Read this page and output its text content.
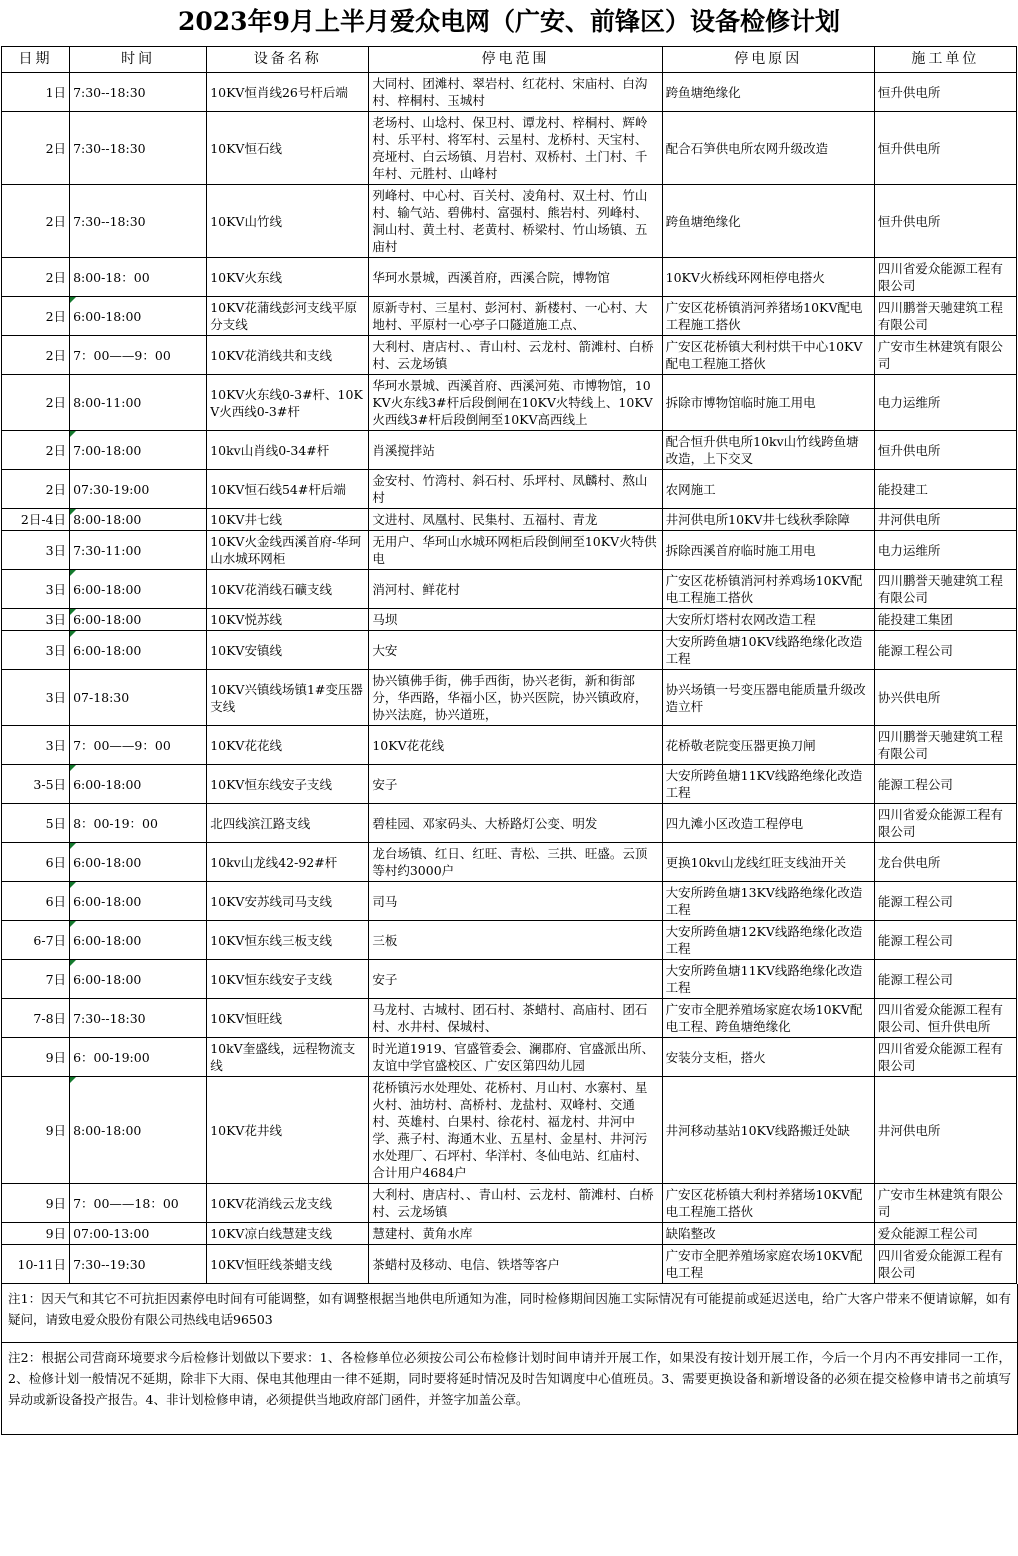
2023年9月上半月爱众电网（广安、前锋区）设备检修计划
日期	时间	设备名称	停电范围	停电原因	施工单位
1日	7:30--18:30	10KV恒肖线26号杆后端	大同村、团滩村、翠岩村、红花村、宋庙村、白沟村、梓桐村、玉城村	跨鱼塘绝缘化	恒升供电所
2日	7:30--18:30	10KV恒石线	老场村、山埝村、保卫村、谭龙村、梓桐村、辉岭村、乐平村、将军村、云星村、龙桥村、天宝村、亮垭村、白云场镇、月岩村、双桥村、土门村、千年村、元胜村、山峰村	配合石笋供电所农网升级改造	恒升供电所
2日	7:30--18:30	10KV山竹线	列峰村、中心村、百关村、凌角村、双土村、竹山村、输气站、碧佛村、富强村、熊岩村、列峰村、洞山村、黄土村、老黄村、桥梁村、竹山场镇、五庙村	跨鱼塘绝缘化	恒升供电所
2日	8:00-18：00	10KV火东线	华珂水景城，西溪首府，西溪合院，博物馆	10KV火桥线环网柜停电搭火	四川省爱众能源工程有限公司
2日	6:00-18:00	10KV花蒲线彭河支线平原分支线	原新寺村、三星村、彭河村、新楼村、一心村、大地村、平原村一心亭子口隧道施工点、	广安区花桥镇消河养猪场10KV配电工程施工搭伙	四川鹏誉天驰建筑工程有限公司
2日	7：00——9：00	10KV花消线共和支线	大利村、唐店村、、青山村、云龙村、箭滩村、白桥村、云龙场镇	广安区花桥镇大利村烘干中心10KV配电工程施工搭伙	广安市生林建筑有限公司
2日	8:00-11:00	10KV火东线0-3#杆、10KV火西线0-3#杆	华珂水景城、西溪首府、西溪河苑、市博物馆，10KV火东线3#杆后段倒闸在10KV火特线上、10KV火西线3#杆后段倒闸至10KV高西线上	拆除市博物馆临时施工用电	电力运维所
2日	7:00-18:00	10kv山肖线0-34#杆	肖溪搅拌站	配合恒升供电所10kv山竹线跨鱼塘改造，上下交叉	恒升供电所
2日	07:30-19:00	10KV恒石线54#杆后端	金安村、竹湾村、斜石村、乐坪村、凤麟村、熬山村	农网施工	能投建工
2日-4日	8:00-18:00	10KV井七线	文进村、凤凰村、民集村、五福村、青龙	井河供电所10KV井七线秋季除障	井河供电所
3日	7:30-11:00	10KV火金线西溪首府-华珂山水城环网柜	无用户、华珂山水城环网柜后段倒闸至10KV火特供电	拆除西溪首府临时施工用电	电力运维所
3日	6:00-18:00	10KV花消线石礦支线	消河村、鲜花村	广安区花桥镇消河村养鸡场10KV配电工程施工搭伙	四川鹏誉天驰建筑工程有限公司
3日	6:00-18:00	10KV悦苏线	马坝	大安所灯塔村农网改造工程	能投建工集团
3日	6:00-18:00	10KV安镇线	大安	大安所跨鱼塘10KV线路绝缘化改造工程	能源工程公司
3日	07-18:30	10KV兴镇线场镇1#变压器支线	协兴镇佛手街，佛手西街，协兴老街，新和街部分，华西路，华福小区，协兴医院，协兴镇政府，协兴法庭，协兴道班，	协兴场镇一号变压器电能质量升级改造立杆	协兴供电所
3日	7：00——9：00	10KV花花线	10KV花花线	花桥敬老院变压器更换刀闸	四川鹏誉天驰建筑工程有限公司
3-5日	6:00-18:00	10KV恒东线安子支线	安子	大安所跨鱼塘11KV线路绝缘化改造工程	能源工程公司
5日	8：00-19：00	北四线滨江路支线	碧桂园、邓家码头、大桥路灯公变、明发	四九滩小区改造工程停电	四川省爱众能源工程有限公司
6日	6:00-18:00	10kv山龙线42-92#杆	龙台场镇、红日、红旺、青松、三拱、旺盛。云顶等村约3000户	更换10kv山龙线红旺支线油开关	龙台供电所
6日	6:00-18:00	10KV安苏线司马支线	司马	大安所跨鱼塘13KV线路绝缘化改造工程	能源工程公司
6-7日	6:00-18:00	10KV恒东线三板支线	三板	大安所跨鱼塘12KV线路绝缘化改造工程	能源工程公司
7日	6:00-18:00	10KV恒东线安子支线	安子	大安所跨鱼塘11KV线路绝缘化改造工程	能源工程公司
7-8日	7:30--18:30	10KV恒旺线	马龙村、古城村、团石村、茶蜡村、高庙村、团石村、水井村、保城村、	广安市全肥养殖场家庭农场10KV配电工程、跨鱼塘绝缘化	四川省爱众能源工程有限公司、恒升供电所
9日	6：00-19:00	10kV奎盛线，远程物流支线	时光道1919、官盛管委会、澜郡府、官盛派出所、友谊中学官盛校区、广安区第四幼儿园	安装分支柜，搭火	四川省爱众能源工程有限公司
9日	8:00-18:00	10KV花井线	花桥镇污水处理处、花桥村、月山村、水寨村、星火村、油坊村、高桥村、龙盐村、双峰村、交通村、英雄村、白果村、徐花村、福龙村、井河中学、燕子村、海通木业、五星村、金星村、井河污水处理厂、石坪村、华洋村、冬仙电站、红庙村、合计用户4684户	井河移动基站10KV线路搬迁处缺	井河供电所
9日	7：00——18：00	10KV花消线云龙支线	大利村、唐店村、、青山村、云龙村、箭滩村、白桥村、云龙场镇	广安区花桥镇大利村养猪场10KV配电工程施工搭伙	广安市生林建筑有限公司
9日	07:00-13:00	10KV凉白线慧建支线	慧建村、黄角水库	缺陷整改	爱众能源工程公司
10-11日	7:30--19:30	10KV恒旺线茶蜡支线	茶蜡村及移动、电信、铁塔等客户	广安市全肥养殖场家庭农场10KV配电工程	四川省爱众能源工程有限公司
注1：因天气和其它不可抗拒因素停电时间有可能调整，如有调整根据当地供电所通知为准，同时检修期间因施工实际情况有可能提前或延迟送电，给广大客户带来不便请谅解，如有疑问，请致电爱众股份有限公司热线电话96503
注2：根据公司营商环境要求今后检修计划做以下要求：1、各检修单位必须按公司公布检修计划时间申请并开展工作，如果没有按计划开展工作，今后一个月内不再安排同一工作，2、检修计划一般情况不延期，除非下大雨、保电其他理由一律不延期，同时要将延时情况及时告知调度中心值班员。3、需要更换设备和新增设备的必须在提交检修申请书之前填写异动或新设备投产报告。4、非计划检修申请，必须提供当地政府部门函件，并签字加盖公章。
